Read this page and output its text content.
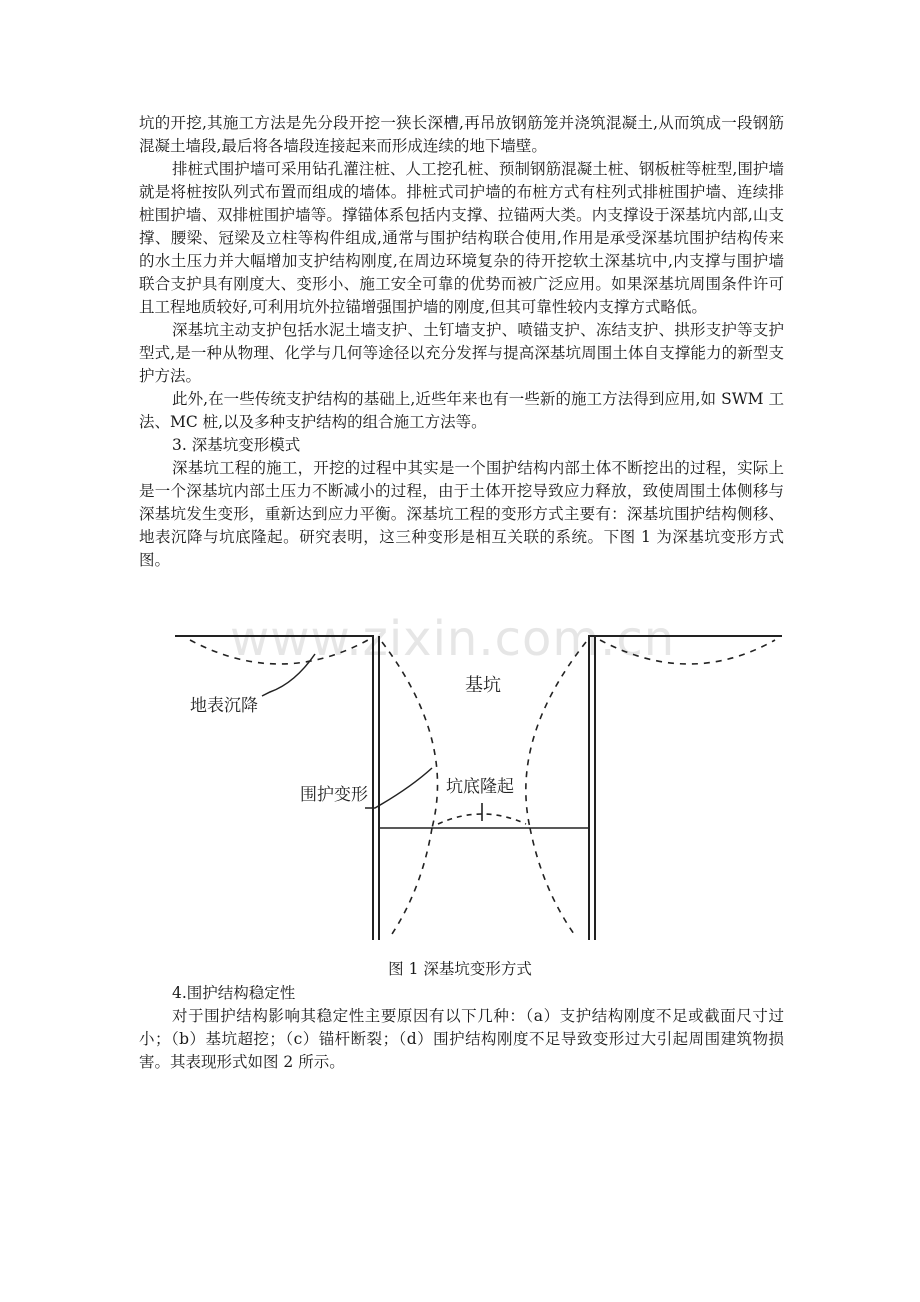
坑的开挖,其施工方法是先分段开挖一狭长深槽,再吊放钢筋笼并浇筑混凝土,从而筑成一段钢筋混凝土墙段,最后将各墙段连接起来而形成连续的地下墙壁。

排桩式围护墙可采用钻孔灌注桩、人工挖孔桩、预制钢筋混凝土桩、钢板桩等桩型,围护墙就是将桩按队列式布置而组成的墙体。排桩式司护墙的布桩方式有柱列式排桩围护墙、连续排桩围护墙、双排桩围护墙等。撑锚体系包括内支撑、拉锚两大类。内支撑设于深基坑内部,山支撑、腰梁、冠梁及立柱等构件组成,通常与围护结构联合使用,作用是承受深基坑围护结构传来的水土压力并大幅增加支护结构刚度,在周边环境复杂的待开挖软土深基坑中,内支撑与围护墙联合支护具有刚度大、变形小、施工安全可靠的优势而被广泛应用。如果深基坑周围条件许可且工程地质较好,可利用坑外拉锚增强围护墙的刚度,但其可靠性较内支撑方式略低。

深基坑主动支护包括水泥土墙支护、土钉墙支护、喷锚支护、冻结支护、拱形支护等支护型式,是一种从物理、化学与几何等途径以充分发挥与提高深基坑周围土体自支撑能力的新型支护方法。

此外,在一些传统支护结构的基础上,近些年来也有一些新的施工方法得到应用,如 SWM 工法、MC 桩,以及多种支护结构的组合施工方法等。

3. 深基坑变形模式

深基坑工程的施工，开挖的过程中其实是一个围护结构内部土体不断挖出的过程，实际上是一个深基坑内部土压力不断减小的过程，由于土体开挖导致应力释放，致使周围土体侧移与深基坑发生变形，重新达到应力平衡。深基坑工程的变形方式主要有：深基坑围护结构侧移、地表沉降与坑底隆起。研究表明，这三种变形是相互关联的系统。下图 1 为深基坑变形方式图。

www.zixin.com.cn
地表沉降
基坑
围护变形	坑底隆起
图 1 深基坑变形方式

4.围护结构稳定性

对于围护结构影响其稳定性主要原因有以下几种：（a）支护结构刚度不足或截面尺寸过小；（b）基坑超挖；（c）锚杆断裂；（d）围护结构刚度不足导致变形过大引起周围建筑物损害。其表现形式如图 2 所示。
